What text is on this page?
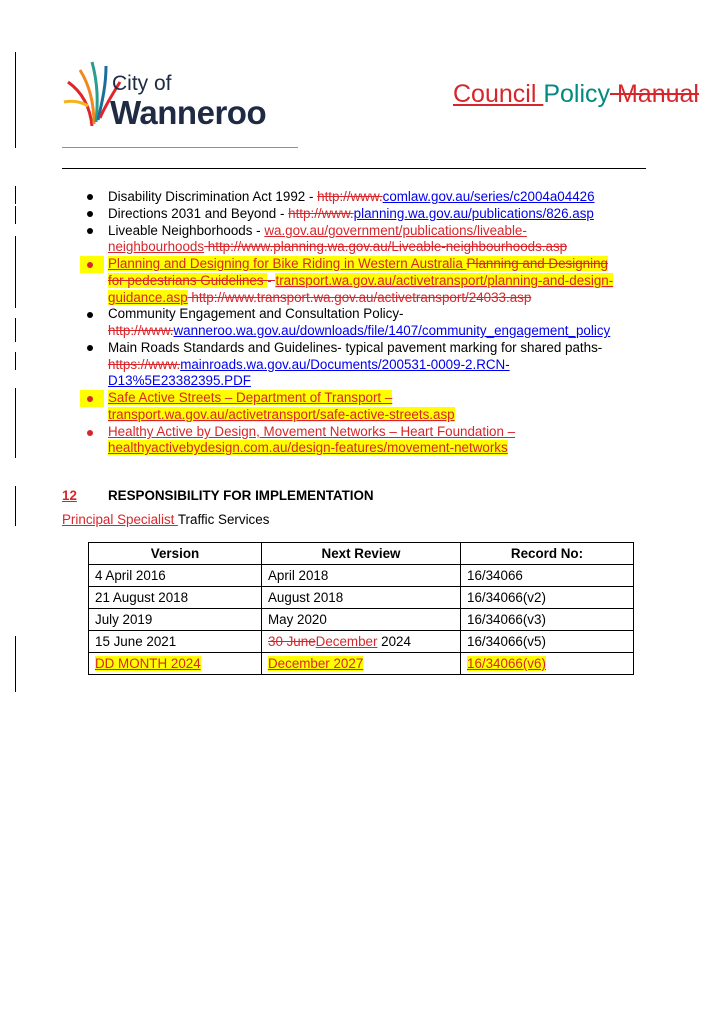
City of
Wanneroo	Council Policy Manual
Disability Discrimination Act 1992 - http://www.comlaw.gov.au/series/c2004a04426
Directions 2031 and Beyond - http://www.planning.wa.gov.au/publications/826.asp
Liveable Neighborhoods - wa.gov.au/government/publications/liveable-
neighbourhoods http://www.planning.wa.gov.au/Liveable-neighbourhoods.asp
Planning and Designing for Bike Riding in Western Australia Planning and Designing
for pedestrians Guidelines - transport.wa.gov.au/activetransport/planning-and-design-
guidance.asp http://www.transport.wa.gov.au/activetransport/24033.asp
Community Engagement and Consultation Policy-
http://www.wanneroo.wa.gov.au/downloads/file/1407/community_engagement_policy
Main Roads Standards and Guidelines- typical pavement marking for shared paths-
https://www.mainroads.wa.gov.au/Documents/200531-0009-2.RCN-
D13%5E23382395.PDF
Safe Active Streets – Department of Transport –
transport.wa.gov.au/activetransport/safe-active-streets.asp
Healthy Active by Design, Movement Networks – Heart Foundation –
healthyactivebydesign.com.au/design-features/movement-networks
12 RESPONSIBILITY FOR IMPLEMENTATION
Principal Specialist Traffic Services
Version	Next Review	Record No:
4 April 2016	April 2018	16/34066
21 August 2018	August 2018	16/34066(v2)
July 2019	May 2020	16/34066(v3)
15 June 2021	30 JuneDecember 2024	16/34066(v5)
DD MONTH 2024	December 2027	16/34066(v6)
